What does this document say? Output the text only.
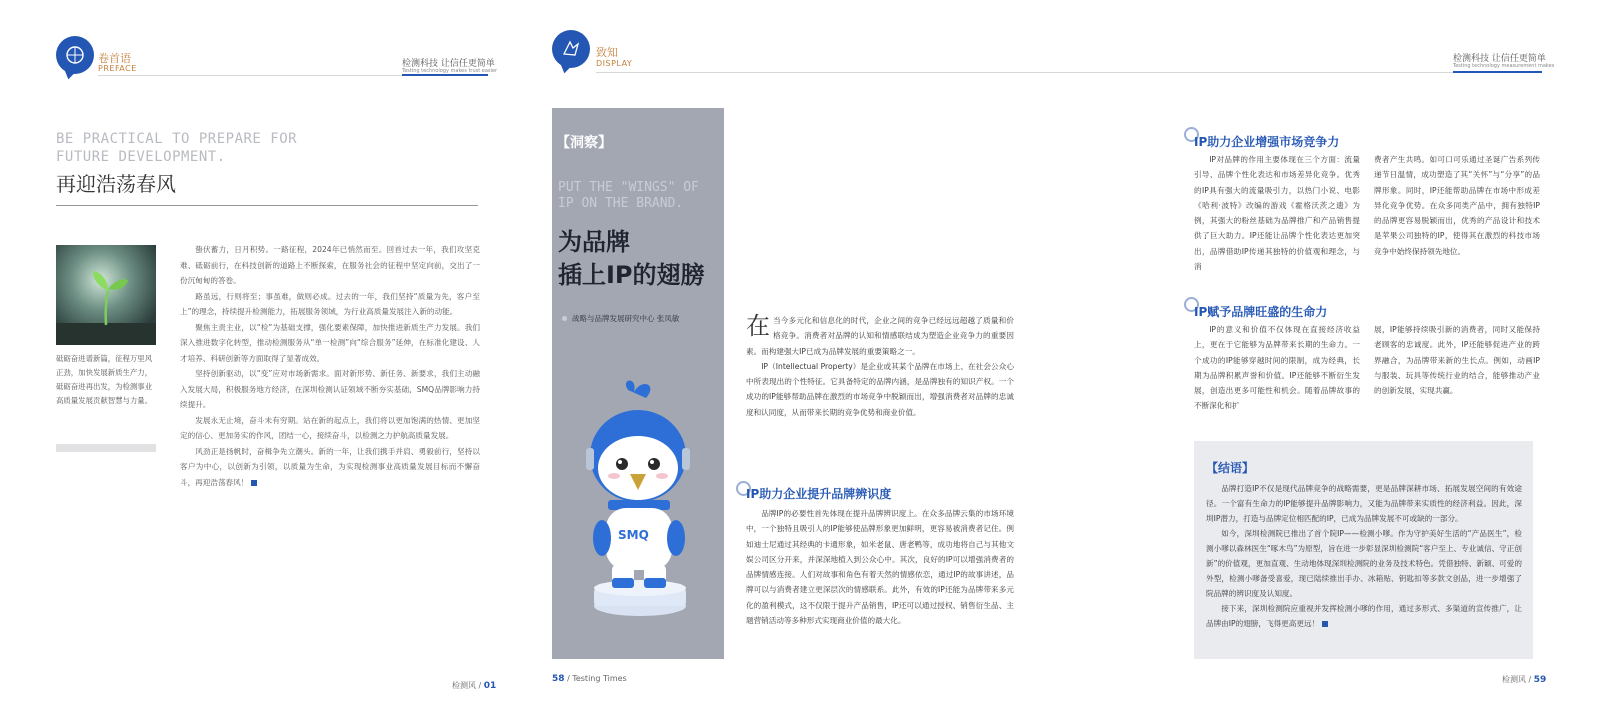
卷首语
PREFACE	检测科技 让信任更简单
Testing technology makes trust easier
BE PRACTICAL TO PREPARE FOR
FUTURE DEVELOPMENT.
再迎浩荡春风
砥砺奋进谱新篇，征程万里风正劲，加快发展新质生产力，砥砺奋进再出发，为检测事业高质量发展贡献智慧与力量。

蛰伏蓄力，日月积势。一路征程，2024年已悄然而至。回首过去一年，我们攻坚克难、砥砺前行，在科技创新的道路上不断探索，在服务社会的征程中坚定向前，交出了一份沉甸甸的答卷。

路虽远，行则将至；事虽难，做则必成。过去的一年，我们坚持“质量为先，客户至上”的理念，持续提升检测能力，拓展服务领域，为行业高质量发展注入新的动能。

聚焦主责主业，以“检”为基础支撑，强化要素保障，加快推进新质生产力发展。我们深入推进数字化转型，推动检测服务从“单一检测”向“综合服务”延伸，在标准化建设、人才培养、科研创新等方面取得了显著成效。

坚持创新驱动，以“变”应对市场新需求。面对新形势、新任务、新要求，我们主动融入发展大局，积极服务地方经济，在深圳检测认证领域不断夯实基础，SMQ品牌影响力持续提升。

发展永无止境，奋斗未有穷期。站在新的起点上，我们将以更加饱满的热情、更加坚定的信心、更加务实的作风，团结一心，接续奋斗，以检测之力护航高质量发展。

风劲正是扬帆时，奋楫争先立潮头。新的一年，让我们携手并肩、勇毅前行，坚持以客户为中心，以创新为引领，以质量为生命，为实现检测事业高质量发展目标而不懈奋斗，再迎浩荡春风！

检测风 / 01
致知
DISPLAY
【洞察】
PUT THE "WINGS" OF
IP ON THE BRAND.
为品牌
插上IP的翅膀
战略与品牌发展研究中心 张凤敏
SMQ
在 当今多元化和信息化的时代，企业之间的竞争已经远远超越了质量和价格竞争。消费者对品牌的认知和情感联结成为塑造企业竞争力的重要因素。而构建强大IP已成为品牌发展的重要策略之一。

IP（Intellectual Property）是企业或其某个品牌在市场上、在社会公众心中所表现出的个性特征。它具备特定的品牌内涵，是品牌独有的知识产权。一个成功的IP能够帮助品牌在激烈的市场竞争中脱颖而出，增强消费者对品牌的忠诚度和认同度，从而带来长期的竞争优势和商业价值。

IP助力企业提升品牌辨识度

品牌IP的必要性首先体现在提升品牌辨识度上。在众多品牌云集的市场环境中，一个独特且吸引人的IP能够使品牌形象更加鲜明，更容易被消费者记住。例如迪士尼通过其经典的卡通形象，如米老鼠、唐老鸭等，成功地将自己与其他文娱公司区分开来，并深深地植入到公众心中。其次，良好的IP可以增强消费者的品牌情感连接。人们对故事和角色有着天然的情感依恋，通过IP的故事讲述，品牌可以与消费者建立更深层次的情感联系。此外，有效的IP还能为品牌带来多元化的盈利模式，这不仅限于提升产品销售，IP还可以通过授权、销售衍生品、主题营销活动等多种形式实现商业价值的最大化。

58 / Testing Times
检测科技 让信任更简单
Testing technology measurement makes
IP助力企业增强市场竞争力

IP对品牌的作用主要体现在三个方面：流量引导、品牌个性化表达和市场差异化竞争。优秀的IP具有强大的流量吸引力，以热门小说、电影《哈利·波特》改编的游戏《霍格沃茨之遗》为例，其强大的粉丝基础为品牌推广和产品销售提供了巨大助力。IP还能让品牌个性化表达更加突出，品牌借助IP传递其独特的价值观和理念，与消

费者产生共鸣。如可口可乐通过圣诞广告系列传递节日温情，成功塑造了其“关怀”与“分享”的品牌形象。同时，IP还能帮助品牌在市场中形成差异化竞争优势。在众多同类产品中，拥有独特IP的品牌更容易脱颖而出，优秀的产品设计和技术是苹果公司独特的IP，使得其在激烈的科技市场竞争中始终保持领先地位。
IP赋予品牌旺盛的生命力

IP的意义和价值不仅体现在直接经济收益上，更在于它能够为品牌带来长期的生命力。一个成功的IP能够穿越时间的限制，成为经典，长期为品牌积累声誉和价值。IP还能够不断衍生发展，创造出更多可能性和机会。随着品牌故事的不断深化和扩

展，IP能够持续吸引新的消费者，同时又能保持老顾客的忠诚度。此外，IP还能够促进产业的跨界融合，为品牌带来新的生长点。例如，动画IP与服装、玩具等传统行业的结合，能够推动产业的创新发展，实现共赢。
【结语】

品牌打造IP不仅是现代品牌竞争的战略需要，更是品牌深耕市场、拓展发展空间的有效途径。一个富有生命力的IP能够提升品牌影响力，又能为品牌带来实质性的经济利益。因此，深圳IP潜力，打造与品牌定位相匹配的IP，已成为品牌发展不可或缺的一部分。

如今，深圳检测院已推出了首个院IP——检测小嗲。作为守护美好生活的“产品医生”，检测小嗲以森林医生“啄木鸟”为原型，旨在进一步彰显深圳检测院“客户至上、专业诚信、守正创新”的价值观，更加直观、生动地体现深圳检测院的业务及技术特色。凭借独特、新颖、可爱的外型，检测小嗲备受喜爱，现已陆续推出手办、冰箱贴、钥匙扣等多款文创品，进一步增强了院品牌的辨识度及认知度。

接下来，深圳检测院应重视并发挥检测小嗲的作用，通过多形式、多渠道的宣传推广，让品牌由IP的翅膀，飞得更高更远！

检测风 / 59
